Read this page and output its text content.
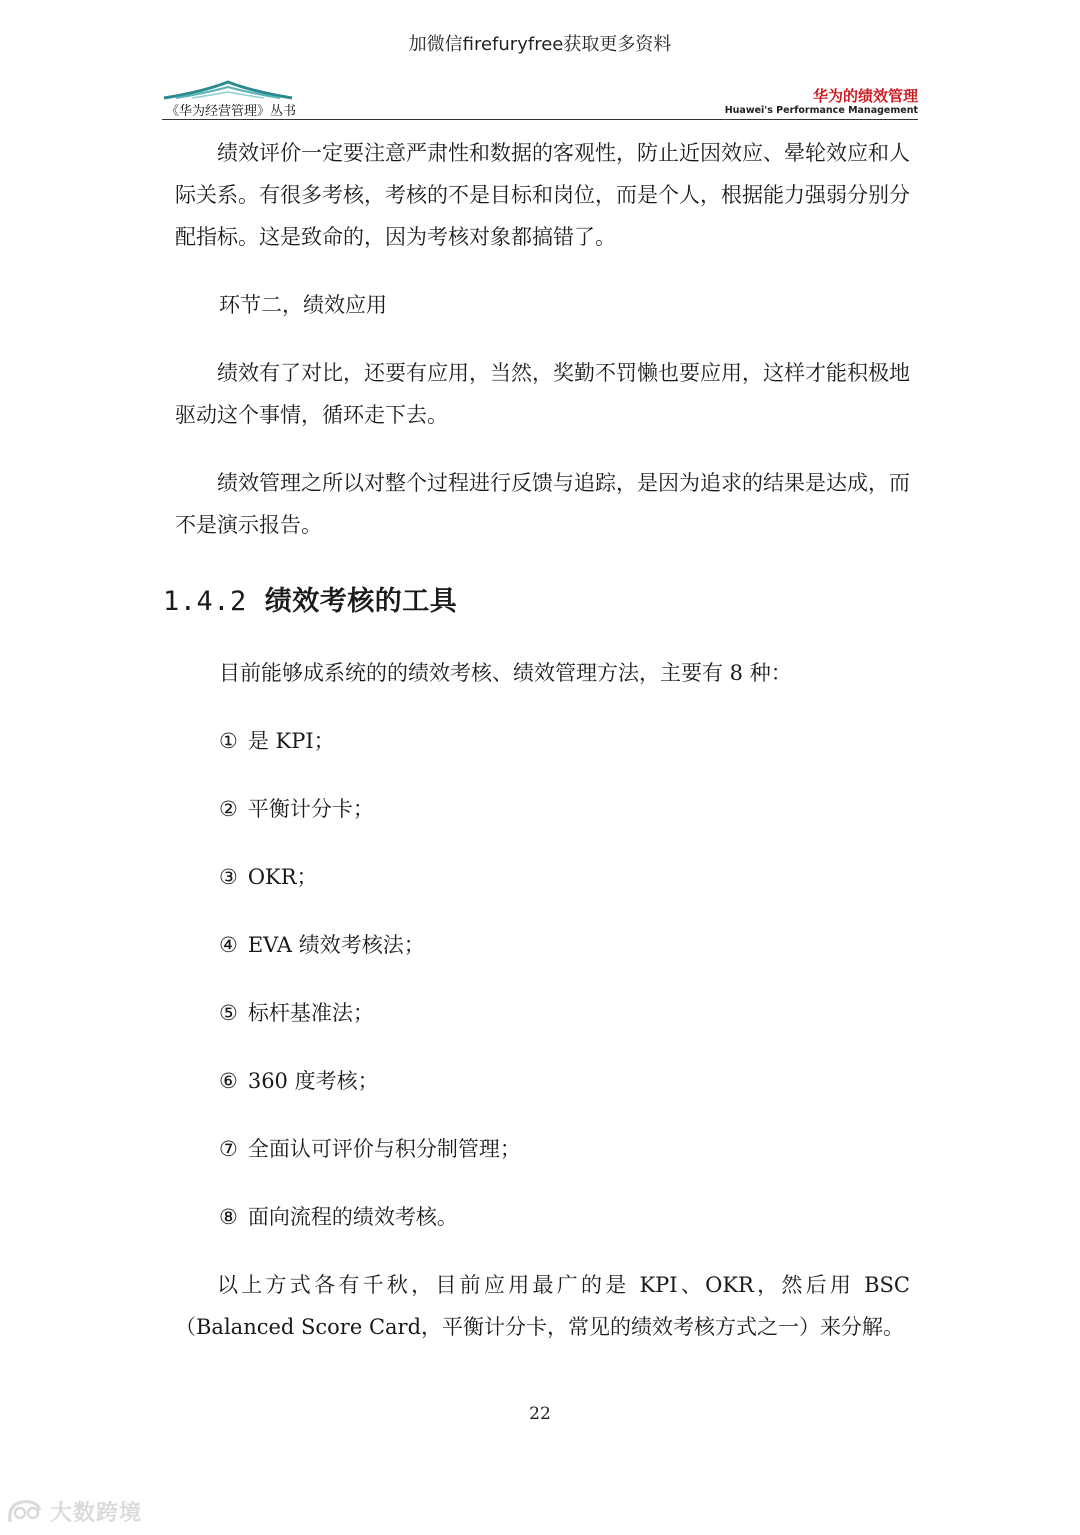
加微信firefuryfree获取更多资料
《华为经营管理》丛书
华为的绩效管理
Huawei's Performance Management

绩效评价一定要注意严肃性和数据的客观性，防止近因效应、晕轮效应和人际关系。有很多考核，考核的不是目标和岗位，而是个人，根据能力强弱分别分配指标。这是致命的，因为考核对象都搞错了。

环节二，绩效应用

绩效有了对比，还要有应用，当然，奖勤不罚懒也要应用，这样才能积极地驱动这个事情，循环走下去。

绩效管理之所以对整个过程进行反馈与追踪，是因为追求的结果是达成，而不是演示报告。

1.4.2 绩效考核的工具

目前能够成系统的的绩效考核、绩效管理方法，主要有 8 种：

① 是 KPI；
② 平衡计分卡；
③ OKR；
④ EVA 绩效考核法；
⑤ 标杆基准法；
⑥ 360 度考核；
⑦ 全面认可评价与积分制管理；
⑧ 面向流程的绩效考核。

以上方式各有千秋，目前应用最广的是 KPI、OKR，然后用 BSC（Balanced Score Card，平衡计分卡，常见的绩效考核方式之一）来分解。

22
大数跨境
